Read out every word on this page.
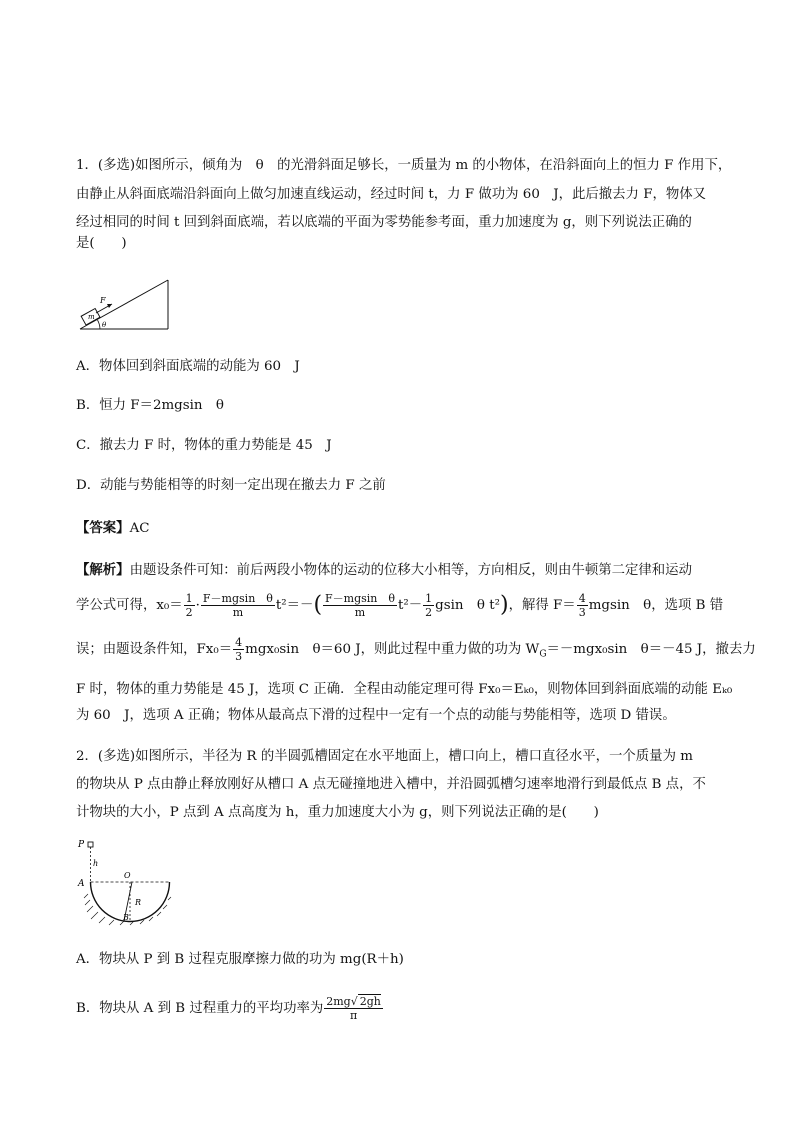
1．(多选)如图所示，倾角为　θ　的光滑斜面足够长，一质量为 m 的小物体，在沿斜面向上的恒力 F 作用下，
由静止从斜面底端沿斜面向上做匀加速直线运动，经过时间 t，力 F 做功为 60　J，此后撤去力 F，物体又
经过相同的时间 t 回到斜面底端，若以底端的平面为零势能参考面，重力加速度为 g，则下列说法正确的
是(　　)
F
m
θ
A．物体回到斜面底端的动能为 60　J
B．恒力 F＝2mgsin　θ
C．撤去力 F 时，物体的重力势能是 45　J
D．动能与势能相等的时刻一定出现在撤去力 F 之前
【答案】AC
【解析】由题设条件可知：前后两段小物体的运动的位移大小相等，方向相反，则由牛顿第二定律和运动
学公式可得，$x_0= \frac{1}{2} \cdot \frac{\text{F－mgsin　θ}}{m} t^2=-( \frac{\text{F－mgsin　θ}}{m} t^2- \frac{1}{2}$ gsin　θ t²)，解得 $F= \frac{4}{3}$ mgsin　θ，选项 B 错
误；由题设条件知，$Fx_0= \frac{4}{3} mgx_0\sin$　θ＝60 J，则此过程中重力做的功为 $W_G=-mgx_0\sin$　θ＝－45 J，撤去力
F 时，物体的重力势能是 45 J，选项 C 正确．全程由动能定理可得 Fx₀＝Eₖ₀，则物体回到斜面底端的动能 Eₖ₀
为 60　J，选项 A 正确；物体从最高点下滑的过程中一定有一个点的动能与势能相等，选项 D 错误。
2．(多选)如图所示，半径为 R 的半圆弧槽固定在水平地面上，槽口向上，槽口直径水平，一个质量为 m
的物块从 P 点由静止释放刚好从槽口 A 点无碰撞地进入槽中，并沿圆弧槽匀速率地滑行到最低点 B 点，不
计物块的大小，P 点到 A 点高度为 h，重力加速度大小为 g，则下列说法正确的是(　　)
P
h
A
O
R
B
A．物块从 P 到 B 过程克服摩擦力做的功为 mg(R＋h)
B．物块从 A 到 B 过程重力的平均功率为 $\frac{2mg√ 2gh}{\pi}$
